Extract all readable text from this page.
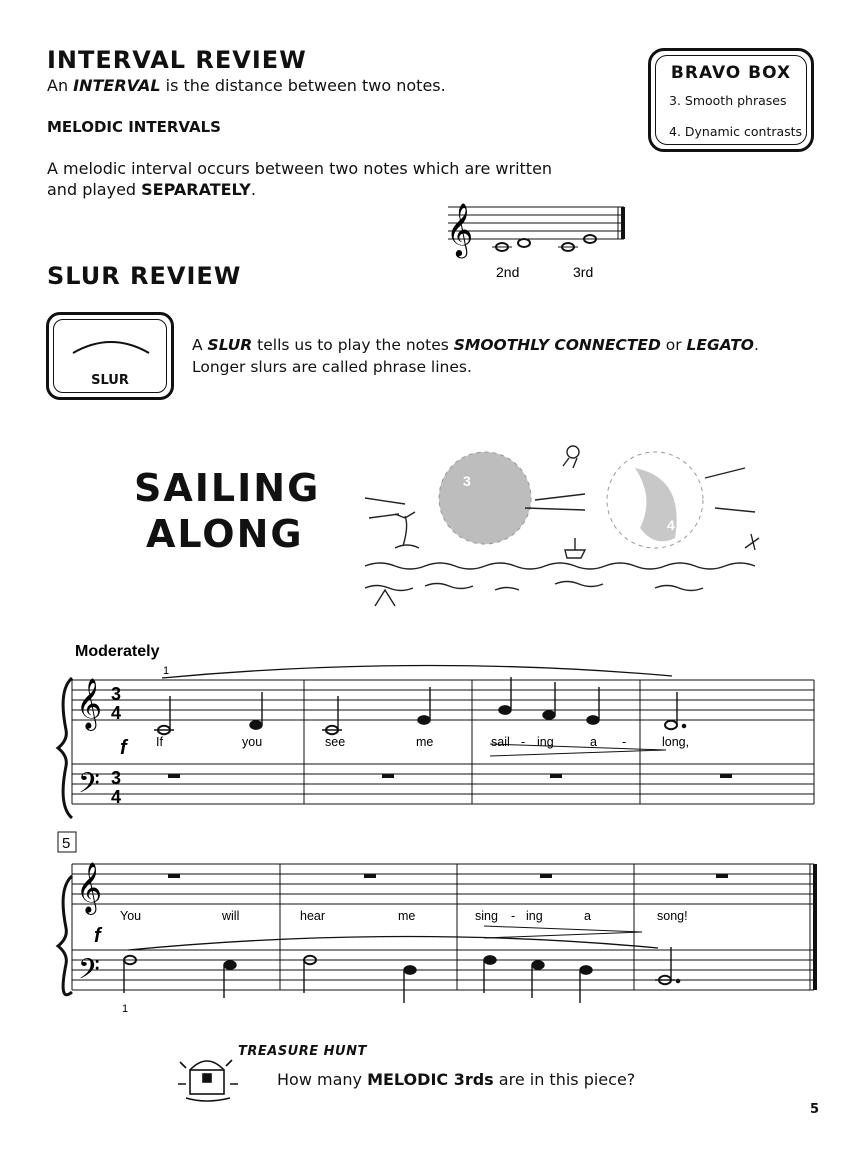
INTERVAL REVIEW
An INTERVAL is the distance between two notes.
MELODIC INTERVALS
A melodic interval occurs between two notes which are written
and played SEPARATELY.
BRAVO BOX
3. Smooth phrases
4. Dynamic contrasts
𝄞
2nd	3rd
SLUR REVIEW
SLUR
A SLUR tells us to play the notes SMOOTHLY CONNECTED or LEGATO.
Longer slurs are called phrase lines.
SAILING
ALONG
3
4
Moderately
1
𝄞
𝄢
3
4
3
4
f If	you	see	me	sail - ing	a -	long,
5
𝄞
𝄢
1
f
You	will	hear	me	sing - ing	a	song!
TREASURE HUNT
How many MELODIC 3rds are in this piece?
5
